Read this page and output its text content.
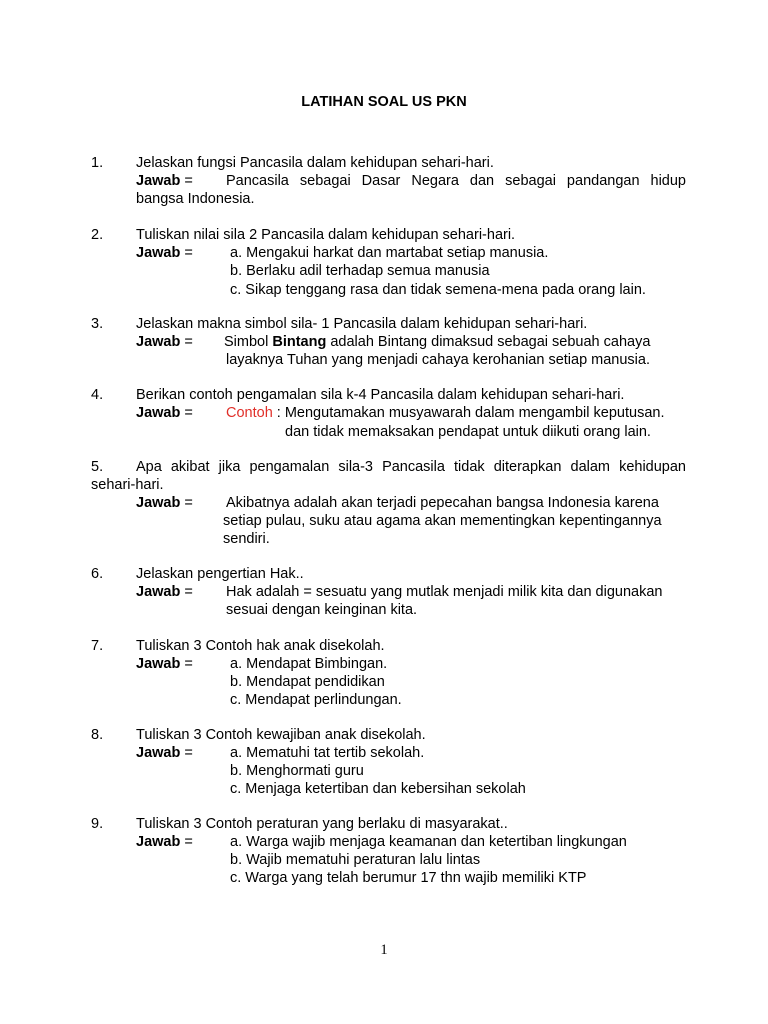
LATIHAN SOAL US PKN
1. Jelaskan fungsi Pancasila dalam kehidupan sehari-hari.
Jawab = Pancasila sebagai Dasar Negara dan sebagai pandangan hidup
bangsa Indonesia.
2. Tuliskan nilai sila 2 Pancasila dalam kehidupan sehari-hari.
Jawab =	a. Mengakui harkat dan martabat setiap manusia.
b. Berlaku adil terhadap semua manusia
c. Sikap tenggang rasa dan tidak semena-mena pada orang lain.
3. Jelaskan makna simbol sila- 1 Pancasila dalam kehidupan sehari-hari.
Jawab = Simbol Bintang adalah Bintang dimaksud sebagai sebuah cahaya
layaknya Tuhan yang menjadi cahaya kerohanian setiap manusia.
4. Berikan contoh pengamalan sila k-4 Pancasila dalam kehidupan sehari-hari.
Jawab = Contoh : Mengutamakan musyawarah dalam mengambil keputusan.
dan tidak memaksakan pendapat untuk diikuti orang lain.
5. Apa akibat jika pengamalan sila-3 Pancasila tidak diterapkan dalam kehidupan
sehari-hari.
Jawab = Akibatnya adalah akan terjadi pepecahan bangsa Indonesia karena
setiap pulau, suku atau agama akan mementingkan kepentingannya
sendiri.
6. Jelaskan pengertian Hak..
Jawab = Hak adalah = sesuatu yang mutlak menjadi milik kita dan digunakan
sesuai dengan keinginan kita.
7. Tuliskan 3 Contoh hak anak disekolah.
Jawab =	a. Mendapat Bimbingan.
b. Mendapat pendidikan
c. Mendapat perlindungan.
8. Tuliskan 3 Contoh kewajiban anak disekolah.
Jawab =	a. Mematuhi tat tertib sekolah.
b. Menghormati guru
c. Menjaga ketertiban dan kebersihan sekolah
9. Tuliskan 3 Contoh peraturan yang berlaku di masyarakat..
Jawab =	a. Warga wajib menjaga keamanan dan ketertiban lingkungan
b. Wajib mematuhi peraturan lalu lintas
c. Warga yang telah berumur 17 thn wajib memiliki KTP
1
